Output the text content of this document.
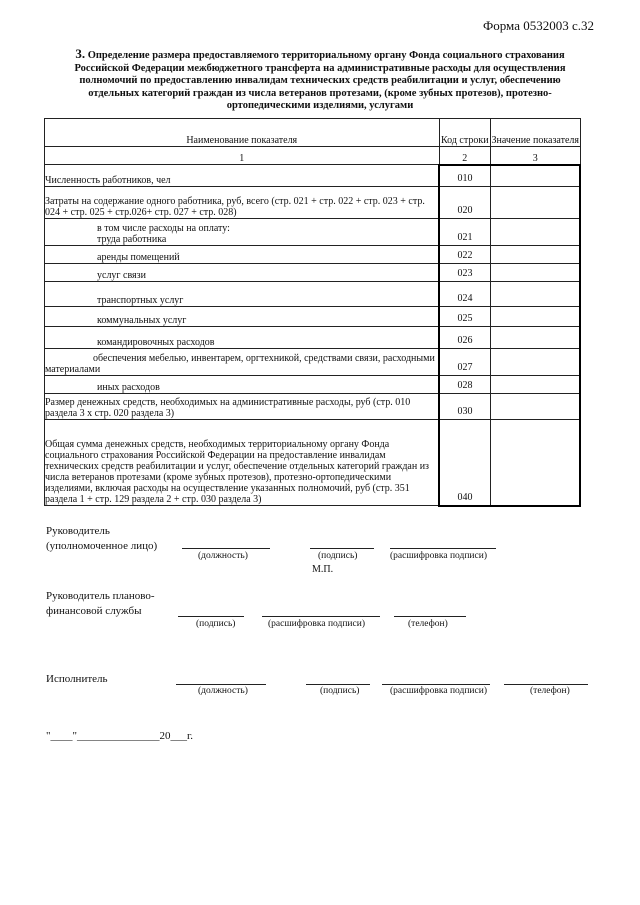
Форма 0532003 с.32
3. Определение размера предоставляемого территориальному органу Фонда социального страхования Российской Федерации межбюджетного трансферта на административные расходы для осуществления полномочий по предоставлению инвалидам технических средств реабилитации и услуг, обеспечению отдельных категорий граждан из числа ветеранов протезами, (кроме зубных протезов), протезно-ортопедическими изделиями, услугами
Наименование показателя	Код строки	Значение показателя
1	2	3
Численность работников, чел	010	
Затраты на содержание одного работника, руб, всего (стр. 021 + стр. 022 + стр. 023 + стр. 024 + стр. 025 + стр.026+ стр. 027 + стр. 028)	020	
в том числе расходы на оплату:
труда работника	021	
аренды помещений	022	
услуг связи	023	
транспортных услуг	024	
коммунальных услуг	025	
командировочных расходов	026	
обеспечения мебелью, инвентарем, оргтехникой, средствами связи, расходными материалами	027	
иных расходов	028	
Размер денежных средств, необходимых на административные расходы, руб (стр. 010 раздела 3 х стр. 020 раздела 3)	030	
Общая сумма денежных средств, необходимых территориальному органу Фонда социального страхования Российской Федерации на предоставление инвалидам технических средств реабилитации и услуг, обеспечение отдельных категорий граждан из числа ветеранов протезами (кроме зубных протезов), протезно-ортопедическими изделиями, включая расходы на осуществление указанных полномочий, руб (стр. 351 раздела 1 + стр. 129 раздела 2 + стр. 030 раздела 3)	040	
Руководитель (уполномоченное лицо)
(должность)	(подпись)	(расшифровка подписи)
М.П.
Руководитель планово-финансовой службы
(подпись)	(расшифровка подписи)	(телефон)
Исполнитель
(должность)	(подпись)	(расшифровка подписи)	(телефон)
"____"_______________20___г.
